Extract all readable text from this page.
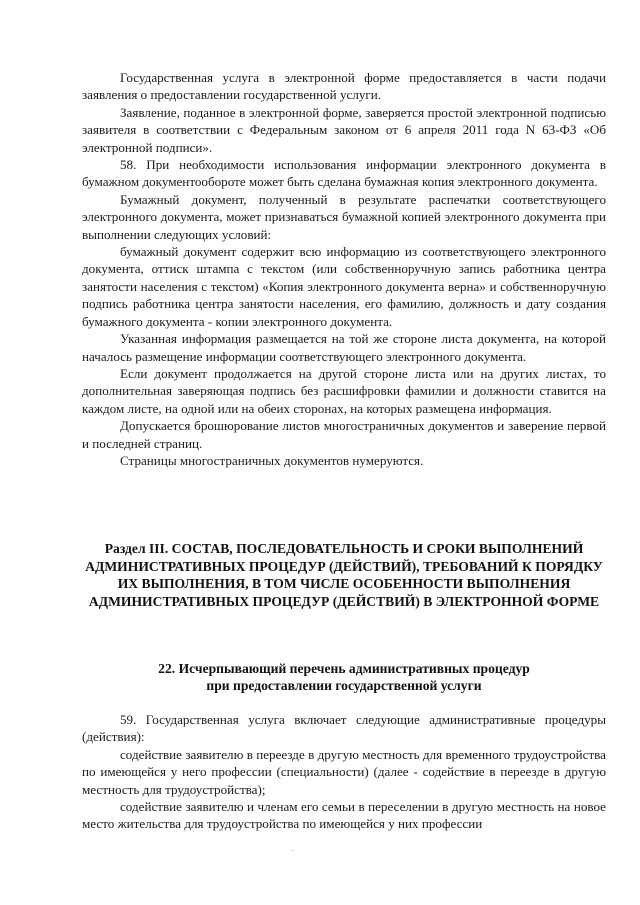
Государственная услуга в электронной форме предоставляется в части подачи заявления о предоставлении государственной услуги.

Заявление, поданное в электронной форме, заверяется простой электронной подписью заявителя в соответствии с Федеральным законом от 6 апреля 2011 года N 63-ФЗ «Об электронной подписи».

58. При необходимости использования информации электронного документа в бумажном документообороте может быть сделана бумажная копия электронного документа.

Бумажный документ, полученный в результате распечатки соответствующего электронного документа, может признаваться бумажной копией электронного документа при выполнении следующих условий:

бумажный документ содержит всю информацию из соответствующего электронного документа, оттиск штампа с текстом (или собственноручную запись работника центра занятости населения с текстом) «Копия электронного документа верна» и собственноручную подпись работника центра занятости населения, его фамилию, должность и дату создания бумажного документа - копии электронного документа.

Указанная информация размещается на той же стороне листа документа, на которой началось размещение информации соответствующего электронного документа.

Если документ продолжается на другой стороне листа или на других листах, то дополнительная заверяющая подпись без расшифровки фамилии и должности ставится на каждом листе, на одной или на обеих сторонах, на которых размещена информация.

Допускается брошюрование листов многостраничных документов и заверение первой и последней страниц.

Страницы многостраничных документов нумеруются.

Раздел III. СОСТАВ, ПОСЛЕДОВАТЕЛЬНОСТЬ И СРОКИ ВЫПОЛНЕНИЙ АДМИНИСТРАТИВНЫХ ПРОЦЕДУР (ДЕЙСТВИЙ), ТРЕБОВАНИЙ К ПОРЯДКУ ИХ ВЫПОЛНЕНИЯ, В ТОМ ЧИСЛЕ ОСОБЕННОСТИ ВЫПОЛНЕНИЯ АДМИНИСТРАТИВНЫХ ПРОЦЕДУР (ДЕЙСТВИЙ) В ЭЛЕКТРОННОЙ ФОРМЕ
22. Исчерпывающий перечень административных процедур
при предоставлении государственной услуги

59. Государственная услуга включает следующие административные процедуры (действия):

содействие заявителю в переезде в другую местность для временного трудоустройства по имеющейся у него профессии (специальности) (далее - содействие в переезде в другую местность для трудоустройства);

содействие заявителю и членам его семьи в переселении в другую местность на новое место жительства для трудоустройства по имеющейся у них профессии
